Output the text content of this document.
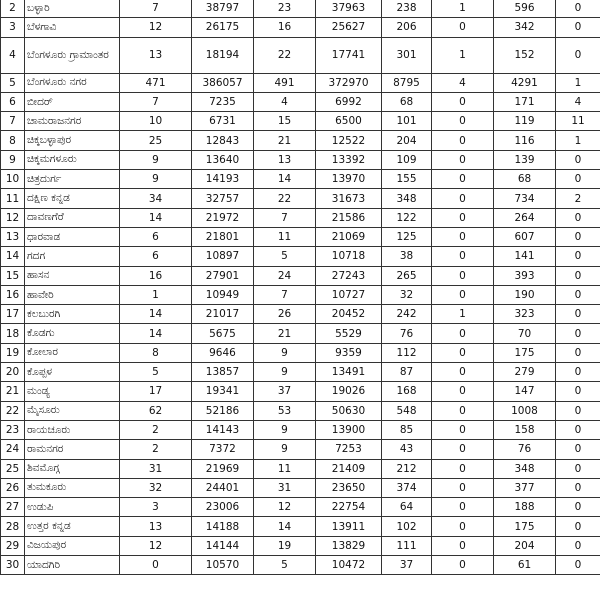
2	ಬಳ್ಳಾರಿ	7	38797	23	37963	238	1	596	0
3	ಬೆಳಗಾವಿ	12	26175	16	25627	206	0	342	0
4	ಬೆಂಗಳೂರು ಗ್ರಾಮಾಂತರ	13	18194	22	17741	301	1	152	0
5	ಬೆಂಗಳೂರು ನಗರ	471	386057	491	372970	8795	4	4291	1
6	ಬೀದರ್	7	7235	4	6992	68	0	171	4
7	ಚಾಮರಾಜನಗರ	10	6731	15	6500	101	0	119	11
8	ಚಿಕ್ಕಬಳ್ಳಾಪುರ	25	12843	21	12522	204	0	116	1
9	ಚಿಕ್ಕಮಗಳೂರು	9	13640	13	13392	109	0	139	0
10	ಚಿತ್ರದುರ್ಗ	9	14193	14	13970	155	0	68	0
11	ದಕ್ಷಿಣ ಕನ್ನಡ	34	32757	22	31673	348	0	734	2
12	ದಾವಣಗೆರೆ	14	21972	7	21586	122	0	264	0
13	ಧಾರವಾಡ	6	21801	11	21069	125	0	607	0
14	ಗದಗ	6	10897	5	10718	38	0	141	0
15	ಹಾಸನ	16	27901	24	27243	265	0	393	0
16	ಹಾವೇರಿ	1	10949	7	10727	32	0	190	0
17	ಕಲಬುರಗಿ	14	21017	26	20452	242	1	323	0
18	ಕೊಡಗು	14	5675	21	5529	76	0	70	0
19	ಕೋಲಾರ	8	9646	9	9359	112	0	175	0
20	ಕೊಪ್ಪಳ	5	13857	9	13491	87	0	279	0
21	ಮಂಡ್ಯ	17	19341	37	19026	168	0	147	0
22	ಮೈಸೂರು	62	52186	53	50630	548	0	1008	0
23	ರಾಯಚೂರು	2	14143	9	13900	85	0	158	0
24	ರಾಮನಗರ	2	7372	9	7253	43	0	76	0
25	ಶಿವಮೊಗ್ಗ	31	21969	11	21409	212	0	348	0
26	ತುಮಕೂರು	32	24401	31	23650	374	0	377	0
27	ಉಡುಪಿ	3	23006	12	22754	64	0	188	0
28	ಉತ್ತರ ಕನ್ನಡ	13	14188	14	13911	102	0	175	0
29	ವಿಜಯಪುರ	12	14144	19	13829	111	0	204	0
30	ಯಾದಗಿರಿ	0	10570	5	10472	37	0	61	0
